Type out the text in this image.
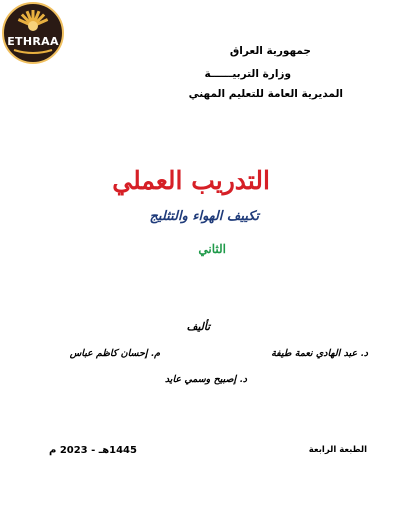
ETHRAA
جمهورية العراق
وزارة التربيــــــة
المديرية العامة للتعليم المهني
التدريب العملي
تكييف الهواء والتثليج
الثاني
تأليف
د. عبد الهادي نعمة طيفة
م. إحسان كاظم عباس
د. إصبيح وسمي عايد
الطبعة الرابعة
1445هـ - 2023 م
